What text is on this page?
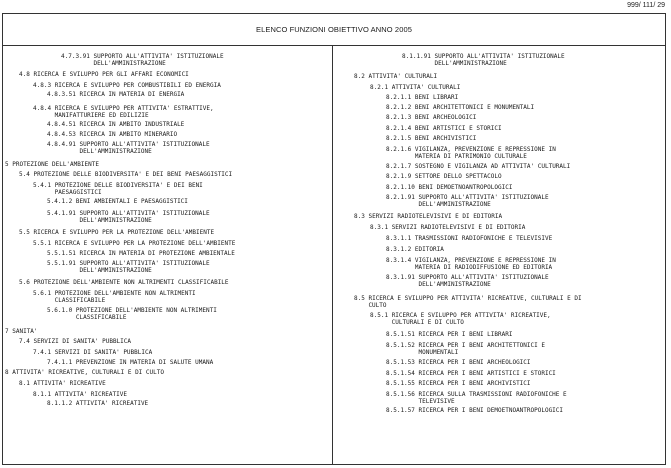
999/ 111/ 29
ELENCO FUNZIONI OBIETTIVO ANNO 2005
4.7.3.91 SUPPORTO ALL'ATTIVITA' ISTITUZIONALE
DELL'AMMINISTRAZIONE
4.8 RICERCA E SVILUPPO PER GLI AFFARI ECONOMICI
4.8.3 RICERCA E SVILUPPO PER COMBUSTIBILI ED ENERGIA
4.8.3.51 RICERCA IN MATERIA DI ENERGIA
4.8.4 RICERCA E SVILUPPO PER ATTIVITA' ESTRATTIVE,
MANIFATTURIERE ED EDILIZIE
4.8.4.51 RICERCA IN AMBITO INDUSTRIALE
4.8.4.53 RICERCA IN AMBITO MINERARIO
4.8.4.91 SUPPORTO ALL'ATTIVITA' ISTITUZIONALE
DELL'AMMINISTRAZIONE
5 PROTEZIONE DELL'AMBIENTE
5.4 PROTEZIONE DELLE BIODIVERSITA' E DEI BENI PAESAGGISTICI
5.4.1 PROTEZIONE DELLE BIODIVERSITA' E DEI BENI
PAESAGGISTICI
5.4.1.2 BENI AMBIENTALI E PAESAGGISTICI
5.4.1.91 SUPPORTO ALL'ATTIVITA' ISTITUZIONALE
DELL'AMMINISTRAZIONE
5.5 RICERCA E SVILUPPO PER LA PROTEZIONE DELL'AMBIENTE
5.5.1 RICERCA E SVILUPPO PER LA PROTEZIONE DELL'AMBIENTE
5.5.1.51 RICERCA IN MATERIA DI PROTEZIONE AMBIENTALE
5.5.1.91 SUPPORTO ALL'ATTIVITA' ISTITUZIONALE
DELL'AMMINISTRAZIONE
5.6 PROTEZIONE DELL'AMBIENTE NON ALTRIMENTI CLASSIFICABILE
5.6.1 PROTEZIONE DELL'AMBIENTE NON ALTRIMENTI
CLASSIFICABILE
5.6.1.0 PROTEZIONE DELL'AMBIENTE NON ALTRIMENTI
CLASSIFICABILE
7 SANITA'
7.4 SERVIZI DI SANITA' PUBBLICA
7.4.1 SERVIZI DI SANITA' PUBBLICA
7.4.1.1 PREVENZIONE IN MATERIA DI SALUTE UMANA
8 ATTIVITA' RICREATIVE, CULTURALI E DI CULTO
8.1 ATTIVITA' RICREATIVE
8.1.1 ATTIVITA' RICREATIVE
8.1.1.2 ATTIVITA' RICREATIVE
8.1.1.91 SUPPORTO ALL'ATTIVITA' ISTITUZIONALE
DELL'AMMINISTRAZIONE
8.2 ATTIVITA' CULTURALI
8.2.1 ATTIVITA' CULTURALI
8.2.1.1 BENI LIBRARI
8.2.1.2 BENI ARCHITETTONICI E MONUMENTALI
8.2.1.3 BENI ARCHEOLOGICI
8.2.1.4 BENI ARTISTICI E STORICI
8.2.1.5 BENI ARCHIVISTICI
8.2.1.6 VIGILANZA, PREVENZIONE E REPRESSIONE IN
MATERIA DI PATRIMONIO CULTURALE
8.2.1.7 SOSTEGNO E VIGILANZA AD ATTIVITA' CULTURALI
8.2.1.9 SETTORE DELLO SPETTACOLO
8.2.1.10 BENI DEMOETNOANTROPOLOGICI
8.2.1.91 SUPPORTO ALL'ATTIVITA' ISTITUZIONALE
DELL'AMMINISTRAZIONE
8.3 SERVIZI RADIOTELEVISIVI E DI EDITORIA
8.3.1 SERVIZI RADIOTELEVISIVI E DI EDITORIA
8.3.1.1 TRASMISSIONI RADIOFONICHE E TELEVISIVE
8.3.1.2 EDITORIA
8.3.1.4 VIGILANZA, PREVENZIONE E REPRESSIONE IN
MATERIA DI RADIODIFFUSIONE ED EDITORIA
8.3.1.91 SUPPORTO ALL'ATTIVITA' ISTITUZIONALE
DELL'AMMINISTRAZIONE
8.5 RICERCA E SVILUPPO PER ATTIVITA' RICREATIVE, CULTURALI E DI
CULTO
8.5.1 RICERCA E SVILUPPO PER ATTIVITA' RICREATIVE,
CULTURALI E DI CULTO
8.5.1.51 RICERCA PER I BENI LIBRARI
8.5.1.52 RICERCA PER I BENI ARCHITETTONICI E
MONUMENTALI
8.5.1.53 RICERCA PER I BENI ARCHEOLOGICI
8.5.1.54 RICERCA PER I BENI ARTISTICI E STORICI
8.5.1.55 RICERCA PER I BENI ARCHIVISTICI
8.5.1.56 RICERCA SULLA TRASMISSIONI RADIOFONICHE E
TELEVISIVE
8.5.1.57 RICERCA PER I BENI DEMOETNOANTROPOLOGICI
